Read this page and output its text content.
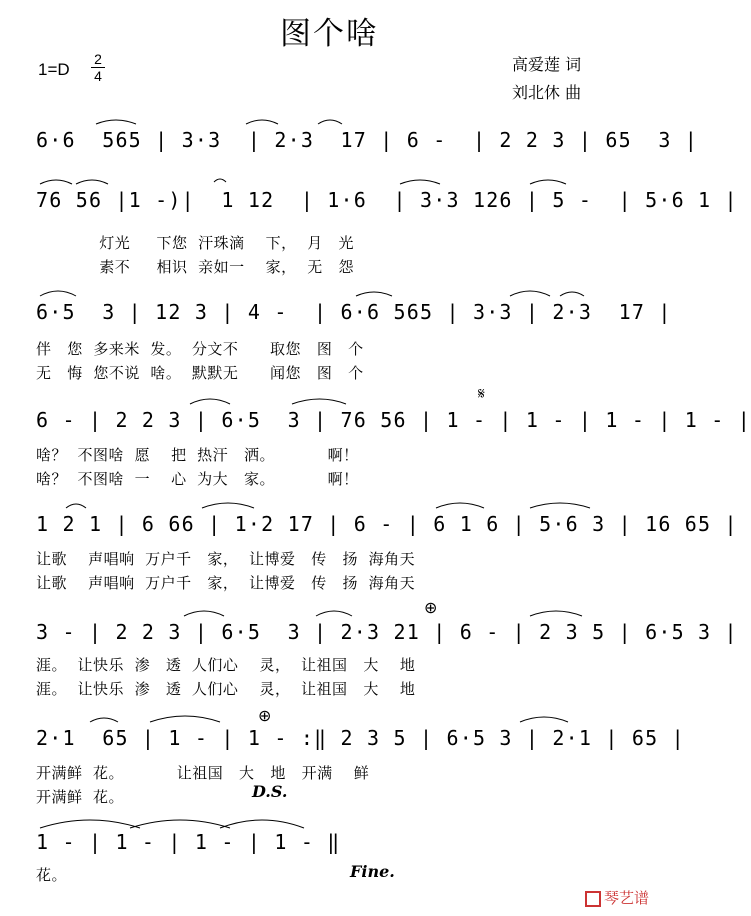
图个啥
1=D
2
4
高爱莲 词
刘北休 曲
6·6  565 | 3·3  | 2·3  17 | 6 -  | 2 2 3 | 65  3 |
76 56 |1 -)|  1 12  | 1·6  | 3·3 126 | 5 -  | 5·6 1 |
灯光     下您  汗珠滴    下，  月   光
素不     相识  亲如一    家，  无   怨
6·5  3 | 12 3 | 4 -  | 6·6 565 | 3·3 | 2·3  17 |
伴   您  多来米  发。  分文不      取您   图   个
无   悔  您不说  啥。  默默无      闻您   图   个
𝄋
6 - | 2 2 3 | 6·5  3 | 76 56 | 1 - | 1 - | 1 - | 1 - |
啥？  不图啥  愿    把  热汗   洒。          啊！
啥？  不图啥  一    心  为大   家。          啊！
1 2 1 | 6 66 | 1·2 17 | 6 - | 6 1 6 | 5·6 3 | 16 65 |
让歌    声唱响  万户千   家，  让博爱   传   扬  海角天
让歌    声唱响  万户千   家，  让博爱   传   扬  海角天
⊕
3 - | 2 2 3 | 6·5  3 | 2·3 21 | 6 - | 2 3 5 | 6·5 3 |
涯。  让快乐  渗   透  人们心    灵，  让祖国   大    地
涯。  让快乐  渗   透  人们心    灵，  让祖国   大    地
⊕
2·1  65 | 1 - | 1 - :‖ 2 3 5 | 6·5 3 | 2·1 | 65 |
开满鲜  花。          让祖国   大   地   开满    鲜
开满鲜  花。	D.S.
1 - | 1 - | 1 - | 1 - ‖
花。	Fine.
琴艺谱
